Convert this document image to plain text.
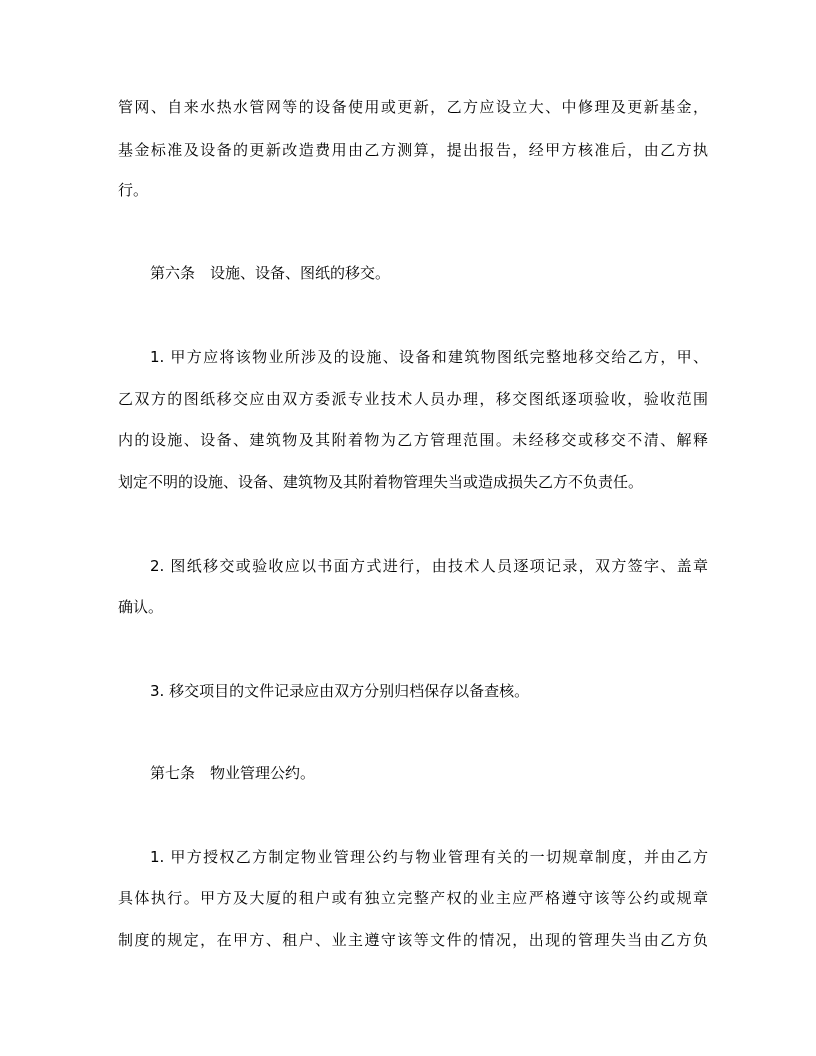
管网、自来水热水管网等的设备使用或更新，乙方应设立大、中修理及更新基金，
基金标准及设备的更新改造费用由乙方测算，提出报告，经甲方核准后，由乙方执
行。
第六条　设施、设备、图纸的移交。
1. 甲方应将该物业所涉及的设施、设备和建筑物图纸完整地移交给乙方，甲、
乙双方的图纸移交应由双方委派专业技术人员办理，移交图纸逐项验收，验收范围
内的设施、设备、建筑物及其附着物为乙方管理范围。未经移交或移交不清、解释
划定不明的设施、设备、建筑物及其附着物管理失当或造成损失乙方不负责任。
2. 图纸移交或验收应以书面方式进行，由技术人员逐项记录，双方签字、盖章
确认。
3. 移交项目的文件记录应由双方分别归档保存以备查核。
第七条　物业管理公约。
1. 甲方授权乙方制定物业管理公约与物业管理有关的一切规章制度，并由乙方
具体执行。甲方及大厦的租户或有独立完整产权的业主应严格遵守该等公约或规章
制度的规定，在甲方、租户、业主遵守该等文件的情况，出现的管理失当由乙方负
